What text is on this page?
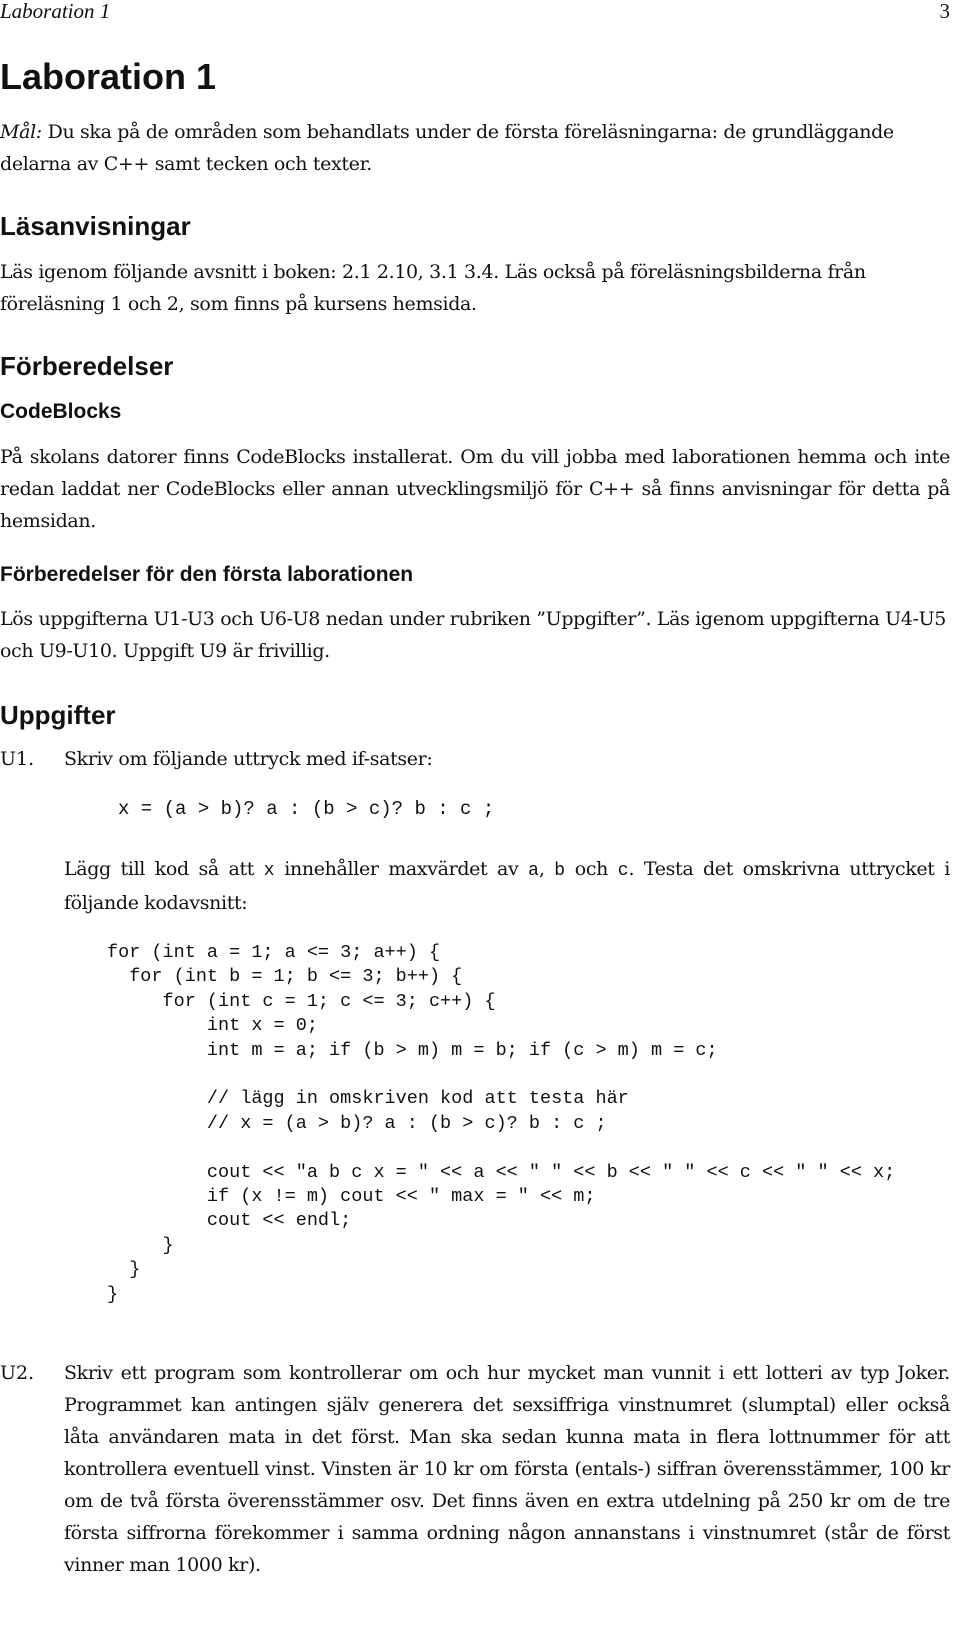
Laboration 1	3
Laboration 1

Mål: Du ska på de områden som behandlats under de första föreläsningarna: de grundläggande delarna av C++ samt tecken och texter.

Läsanvisningar

Läs igenom följande avsnitt i boken: 2.1 2.10, 3.1 3.4. Läs också på föreläsningsbilderna från föreläsning 1 och 2, som finns på kursens hemsida.

Förberedelser
CodeBlocks

På skolans datorer finns CodeBlocks installerat. Om du vill jobba med laborationen hemma och inte redan laddat ner CodeBlocks eller annan utvecklingsmiljö för C++ så finns anvisningar för detta på hemsidan.

Förberedelser för den första laborationen

Lös uppgifterna U1-U3 och U6-U8 nedan under rubriken ”Uppgifter”. Läs igenom uppgifterna U4-U5 och U9-U10. Uppgift U9 är frivillig.

Uppgifter
U1. Skriv om följande uttryck med if-satser:

x = (a > b)? a : (b > c)? b : c ;

Lägg till kod så att x innehåller maxvärdet av a, b och c. Testa det omskrivna uttrycket i följande kodavsnitt:

for (int a = 1; a <= 3; a++) {
for (int b = 1; b <= 3; b++) {
for (int c = 1; c <= 3; c++) {
int x = 0;
int m = a; if (b > m) m = b; if (c > m) m = c;

// lägg in omskriven kod att testa här
// x = (a > b)? a : (b > c)? b : c ;

cout << "a b c x = " << a << " " << b << " " << c << " " << x;
if (x != m) cout << " max = " << m;
cout << endl;
}
}
}
U2. Skriv ett program som kontrollerar om och hur mycket man vunnit i ett lotteri av typ Joker. Programmet kan antingen själv generera det sexsiffriga vinstnumret (slumptal) eller också låta användaren mata in det först. Man ska sedan kunna mata in flera lottnummer för att kontrollera eventuell vinst. Vinsten är 10 kr om första (entals-) siffran överensstämmer, 100 kr om de två första överensstämmer osv. Det finns även en extra utdelning på 250 kr om de tre första siffrorna förekommer i samma ordning någon annanstans i vinstnumret (står de först vinner man 1000 kr).
